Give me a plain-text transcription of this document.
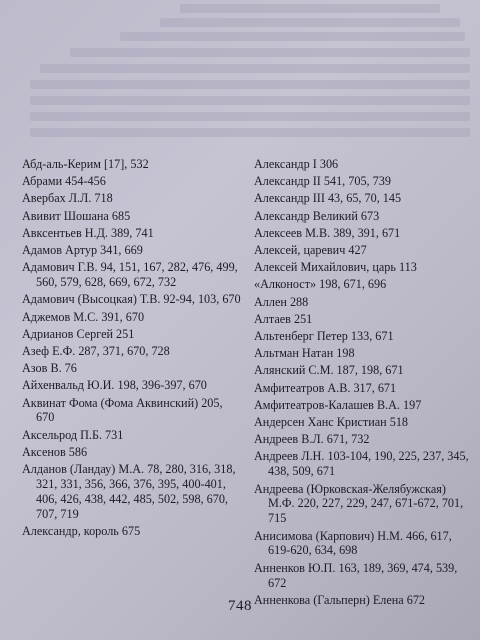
Абд-аль-Керим [17], 532
Абрами 454-456
Авербах Л.Л. 718
Авивит Шошана 685
Авксентьев Н.Д. 389, 741
Адамов Артур 341, 669
Адамович Г.В. 94, 151, 167, 282, 476, 499, 560, 579, 628, 669, 672, 732
Адамович (Высоцкая) Т.В. 92-94, 103, 670
Аджемов М.С. 391, 670
Адрианов Сергей 251
Азеф Е.Ф. 287, 371, 670, 728
Азов В. 76
Айхенвальд Ю.И. 198, 396-397, 670
Аквинат Фома (Фома Аквинский) 205, 670
Аксельрод П.Б. 731
Аксенов 586
Алданов (Ландау) М.А. 78, 280, 316, 318, 321, 331, 356, 366, 376, 395, 400-401, 406, 426, 438, 442, 485, 502, 598, 670, 707, 719
Александр, король 675
Александр I 306
Александр II 541, 705, 739
Александр III 43, 65, 70, 145
Александр Великий 673
Алексеев М.В. 389, 391, 671
Алексей, царевич 427
Алексей Михайлович, царь 113
«Алконост» 198, 671, 696
Аллен 288
Алтаев 251
Альтенберг Петер 133, 671
Альтман Натан 198
Алянский С.М. 187, 198, 671
Амфитеатров А.В. 317, 671
Амфитеатров-Калашев В.А. 197
Андерсен Ханс Кристиан 518
Андреев В.Л. 671, 732
Андреев Л.Н. 103-104, 190, 225, 237, 345, 438, 509, 671
Андреева (Юрковская-Желябужская) М.Ф. 220, 227, 229, 247, 671-672, 701, 715
Анисимова (Карпович) Н.М. 466, 617, 619-620, 634, 698
Анненков Ю.П. 163, 189, 369, 474, 539, 672
Анненкова (Гальперн) Елена 672
748
